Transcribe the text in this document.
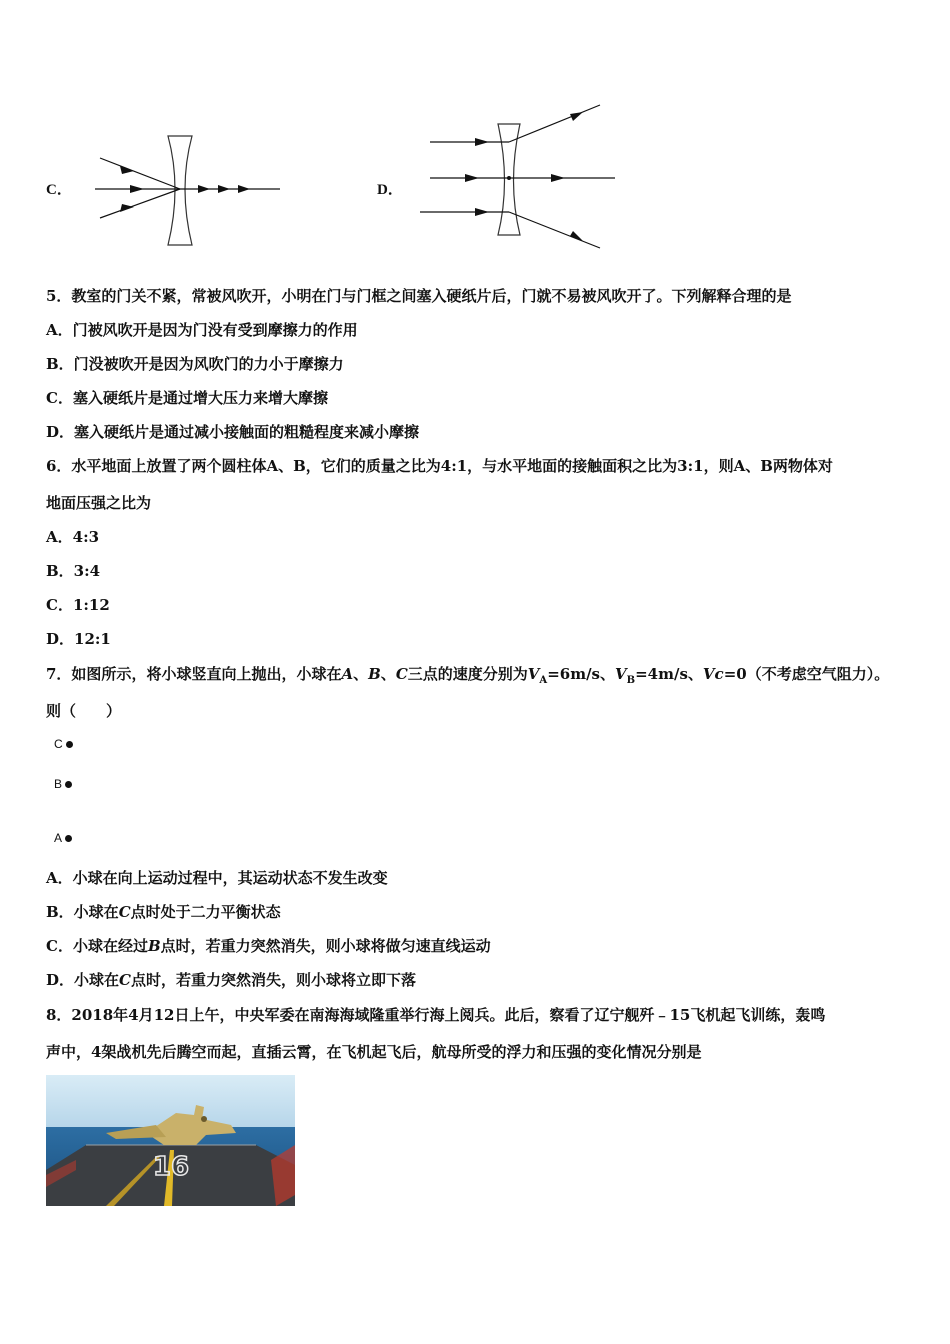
C．	D．
5．教室的门关不紧，常被风吹开，小明在门与门框之间塞入硬纸片后，门就不易被风吹开了。下列解释合理的是
A．门被风吹开是因为门没有受到摩擦力的作用
B．门没被吹开是因为风吹门的力小于摩擦力
C．塞入硬纸片是通过增大压力来增大摩擦
D．塞入硬纸片是通过减小接触面的粗糙程度来减小摩擦
6．水平地面上放置了两个圆柱体A、B，它们的质量之比为4:1，与水平地面的接触面积之比为3:1，则A、B两物体对
地面压强之比为
A．4:3
B．3:4
C．1:12
D．12:1
7．如图所示，将小球竖直向上抛出，小球在A、B、C三点的速度分别为$V_A=6m/s$、$V_B=4m/s$、Vc=0（不考虑空气阻力）。
则（　　）
C
B
A
A．小球在向上运动过程中，其运动状态不发生改变
B．小球在C点时处于二力平衡状态
C．小球在经过B点时，若重力突然消失，则小球将做匀速直线运动
D．小球在C点时，若重力突然消失，则小球将立即下落
8．2018年4月12日上午，中央军委在南海海域隆重举行海上阅兵。此后，察看了辽宁舰歼﹣15飞机起飞训练，轰鸣
声中，4架战机先后腾空而起，直插云霄，在飞机起飞后，航母所受的浮力和压强的变化情况分别是
16
